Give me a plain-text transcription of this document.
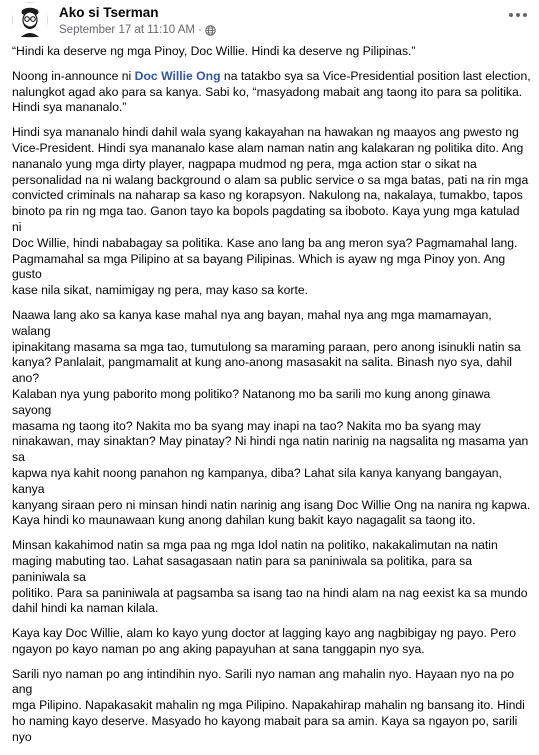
Ako si Tserman
September 17 at 11:10 AM ·

“Hindi ka deserve ng mga Pinoy, Doc Willie. Hindi ka deserve ng Pilipinas.”

Noong in-announce ni Doc Willie Ong na tatakbo sya sa Vice-Presidential position last election,
nalungkot agad ako para sa kanya. Sabi ko, “masyadong mabait ang taong ito para sa politika.
Hindi sya mananalo.”

Hindi sya mananalo hindi dahil wala syang kakayahan na hawakan ng maayos ang pwesto ng
Vice-President. Hindi sya mananalo kase alam naman natin ang kalakaran ng politika dito. Ang
nananalo yung mga dirty player, nagpapa mudmod ng pera, mga action star o sikat na
personalidad na ni walang background o alam sa public service o sa mga batas, pati na rin mga
convicted criminals na naharap sa kaso ng korapsyon. Nakulong na, nakalaya, tumakbo, tapos
binoto pa rin ng mga tao. Ganon tayo ka bopols pagdating sa iboboto. Kaya yung mga katulad ni
Doc Willie, hindi nababagay sa politika. Kase ano lang ba ang meron sya? Pagmamahal lang.
Pagmamahal sa mga Pilipino at sa bayang Pilipinas. Which is ayaw ng mga Pinoy yon. Ang gusto
kase nila sikat, namimigay ng pera, may kaso sa korte.

Naawa lang ako sa kanya kase mahal nya ang bayan, mahal nya ang mga mamamayan, walang
ipinakitang masama sa mga tao, tumutulong sa maraming paraan, pero anong isinukli natin sa
kanya? Panlalait, pangmamalit at kung ano-anong masasakit na salita. Binash nyo sya, dahil ano?
Kalaban nya yung paborito mong politiko? Natanong mo ba sarili mo kung anong ginawa sayong
masama ng taong ito? Nakita mo ba syang may inapi na tao? Nakita mo ba syang may
ninakawan, may sinaktan? May pinatay? Ni hindi nga natin narinig na nagsalita ng masama yan sa
kapwa nya kahit noong panahon ng kampanya, diba? Lahat sila kanya kanyang bangayan, kanya
kanyang siraan pero ni minsan hindi natin narinig ang isang Doc Willie Ong na nanira ng kapwa.
Kaya hindi ko maunawaan kung anong dahilan kung bakit kayo nagagalit sa taong ito.

Minsan kakahimod natin sa mga paa ng mga Idol natin na politiko, nakakalimutan na natin
maging mabuting tao. Lahat sasagasaan natin para sa paniniwala sa politika, para sa paniniwala sa
politiko. Para sa paniniwala at pagsamba sa isang tao na hindi alam na nag eexist ka sa mundo
dahil hindi ka naman kilala.

Kaya kay Doc Willie, alam ko kayo yung doctor at lagging kayo ang nagbibigay ng payo. Pero
ngayon po kayo naman po ang aking papayuhan at sana tanggapin nyo sya.

Sarili nyo naman po ang intindihin nyo. Sarili nyo naman ang mahalin nyo. Hayaan nyo na po ang
mga Pilipino. Napakasakit mahalin ng mga Pilipino. Napakahirap mahalin ng bansang ito. Hindi
ho naming kayo deserve. Masyado ho kayong mabait para sa amin. Kaya sa ngayon po, sarili nyo
